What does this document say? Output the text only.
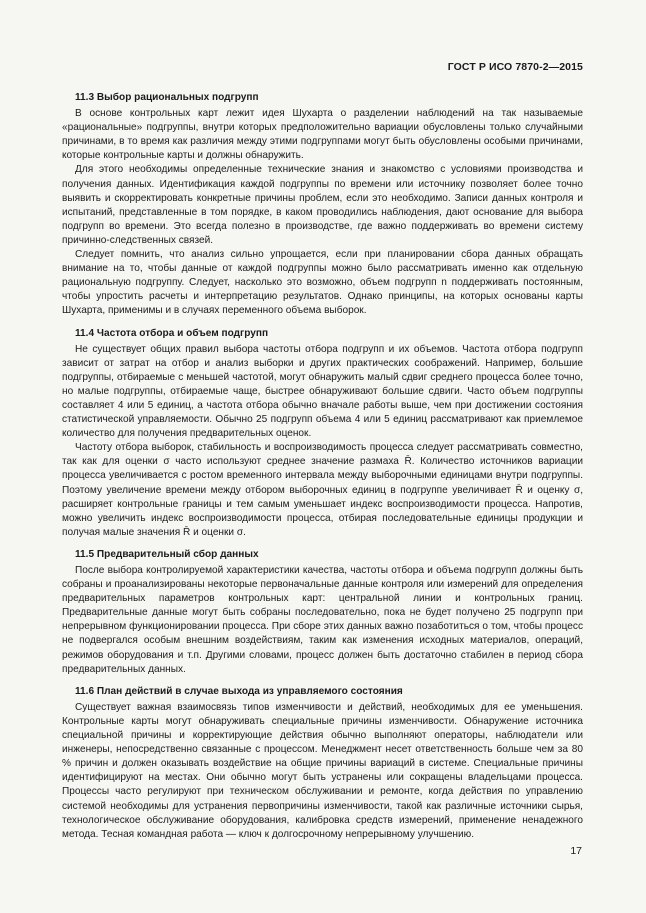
ГОСТ Р ИСО 7870-2—2015
11.3 Выбор рациональных подгрупп

В основе контрольных карт лежит идея Шухарта о разделении наблюдений на так называемые «рациональные» подгруппы, внутри которых предположительно вариации обусловлены только случайными причинами, в то время как различия между этими подгруппами могут быть обусловлены особыми причинами, которые контрольные карты и должны обнаружить.

Для этого необходимы определенные технические знания и знакомство с условиями производства и получения данных. Идентификация каждой подгруппы по времени или источнику позволяет более точно выявить и скорректировать конкретные причины проблем, если это необходимо. Записи данных контроля и испытаний, представленные в том порядке, в каком проводились наблюдения, дают основание для выбора подгрупп во времени. Это всегда полезно в производстве, где важно поддерживать во времени систему причинно-следственных связей.

Следует помнить, что анализ сильно упрощается, если при планировании сбора данных обращать внимание на то, чтобы данные от каждой подгруппы можно было рассматривать именно как отдельную рациональную подгруппу. Следует, насколько это возможно, объем подгрупп n поддерживать постоянным, чтобы упростить расчеты и интерпретацию результатов. Однако принципы, на которых основаны карты Шухарта, применимы и в случаях переменного объема выборок.

11.4 Частота отбора и объем подгрупп

Не существует общих правил выбора частоты отбора подгрупп и их объемов. Частота отбора подгрупп зависит от затрат на отбор и анализ выборки и других практических соображений. Например, большие подгруппы, отбираемые с меньшей частотой, могут обнаружить малый сдвиг среднего процесса более точно, но малые подгруппы, отбираемые чаще, быстрее обнаруживают большие сдвиги. Часто объем подгруппы составляет 4 или 5 единиц, а частота отбора обычно вначале работы выше, чем при достижении состояния статистической управляемости. Обычно 25 подгрупп объема 4 или 5 единиц рассматривают как приемлемое количество для получения предварительных оценок.

Частоту отбора выборок, стабильность и воспроизводимость процесса следует рассматривать совместно, так как для оценки σ часто используют среднее значение размаха R̄. Количество источников вариации процесса увеличивается с ростом временного интервала между выборочными единицами внутри подгруппы. Поэтому увеличение времени между отбором выборочных единиц в подгруппе увеличивает R̄ и оценку σ, расширяет контрольные границы и тем самым уменьшает индекс воспроизводимости процесса. Напротив, можно увеличить индекс воспроизводимости процесса, отбирая последовательные единицы продукции и получая малые значения R̄ и оценки σ.

11.5 Предварительный сбор данных

После выбора контролируемой характеристики качества, частоты отбора и объема подгрупп должны быть собраны и проанализированы некоторые первоначальные данные контроля или измерений для определения предварительных параметров контрольных карт: центральной линии и контрольных границ. Предварительные данные могут быть собраны последовательно, пока не будет получено 25 подгрупп при непрерывном функционировании процесса. При сборе этих данных важно позаботиться о том, чтобы процесс не подвергался особым внешним воздействиям, таким как изменения исходных материалов, операций, режимов оборудования и т.п. Другими словами, процесс должен быть достаточно стабилен в период сбора предварительных данных.

11.6 План действий в случае выхода из управляемого состояния

Существует важная взаимосвязь типов изменчивости и действий, необходимых для ее уменьшения. Контрольные карты могут обнаруживать специальные причины изменчивости. Обнаружение источника специальной причины и корректирующие действия обычно выполняют операторы, наблюдатели или инженеры, непосредственно связанные с процессом. Менеджмент несет ответственность больше чем за 80 % причин и должен оказывать воздействие на общие причины вариаций в системе. Специальные причины идентифицируют на местах. Они обычно могут быть устранены или сокращены владельцами процесса. Процессы часто регулируют при техническом обслуживании и ремонте, когда действия по управлению системой необходимы для устранения первопричины изменчивости, такой как различные источники сырья, технологическое обслуживание оборудования, калибровка средств измерений, применение ненадежного метода. Тесная командная работа — ключ к долгосрочному непрерывному улучшению.

17
